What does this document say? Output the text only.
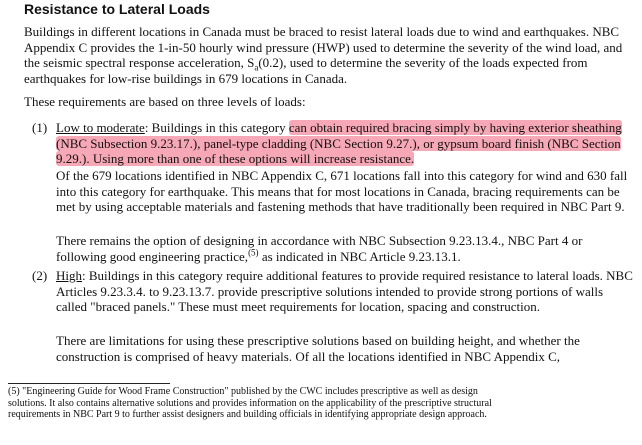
Resistance to Lateral Loads

Buildings in different locations in Canada must be braced to resist lateral loads due to wind and earthquakes. NBC Appendix C provides the 1-in-50 hourly wind pressure (HWP) used to determine the severity of the wind load, and the seismic spectral response acceleration, $S_a(0.2)$, used to determine the severity of the loads expected from earthquakes for low-rise buildings in 679 locations in Canada.

These requirements are based on three levels of loads:

(1) Low to moderate: Buildings in this category can obtain required bracing simply by having exterior sheathing (NBC Subsection 9.23.17.), panel-type cladding (NBC Section 9.27.), or gypsum board finish (NBC Section 9.29.). Using more than one of these options will increase resistance.

Of the 679 locations identified in NBC Appendix C, 671 locations fall into this category for wind and 630 fall into this category for earthquake. This means that for most locations in Canada, bracing requirements can be met by using acceptable materials and fastening methods that have traditionally been required in NBC Part 9.

There remains the option of designing in accordance with NBC Subsection 9.23.13.4., NBC Part 4 or following good engineering practice,$^{(5)}$ as indicated in NBC Article 9.23.13.1.

(2) High: Buildings in this category require additional features to provide required resistance to lateral loads. NBC Articles 9.23.3.4. to 9.23.13.7. provide prescriptive solutions intended to provide strong portions of walls called "braced panels." These must meet requirements for location, spacing and construction.

There are limitations for using these prescriptive solutions based on building height, and whether the construction is comprised of heavy materials. Of all the locations identified in NBC Appendix C,

(5) "Engineering Guide for Wood Frame Construction" published by the CWC includes prescriptive as well as design solutions. It also contains alternative solutions and provides information on the applicability of the prescriptive structural requirements in NBC Part 9 to further assist designers and building officials in identifying appropriate design approach.
